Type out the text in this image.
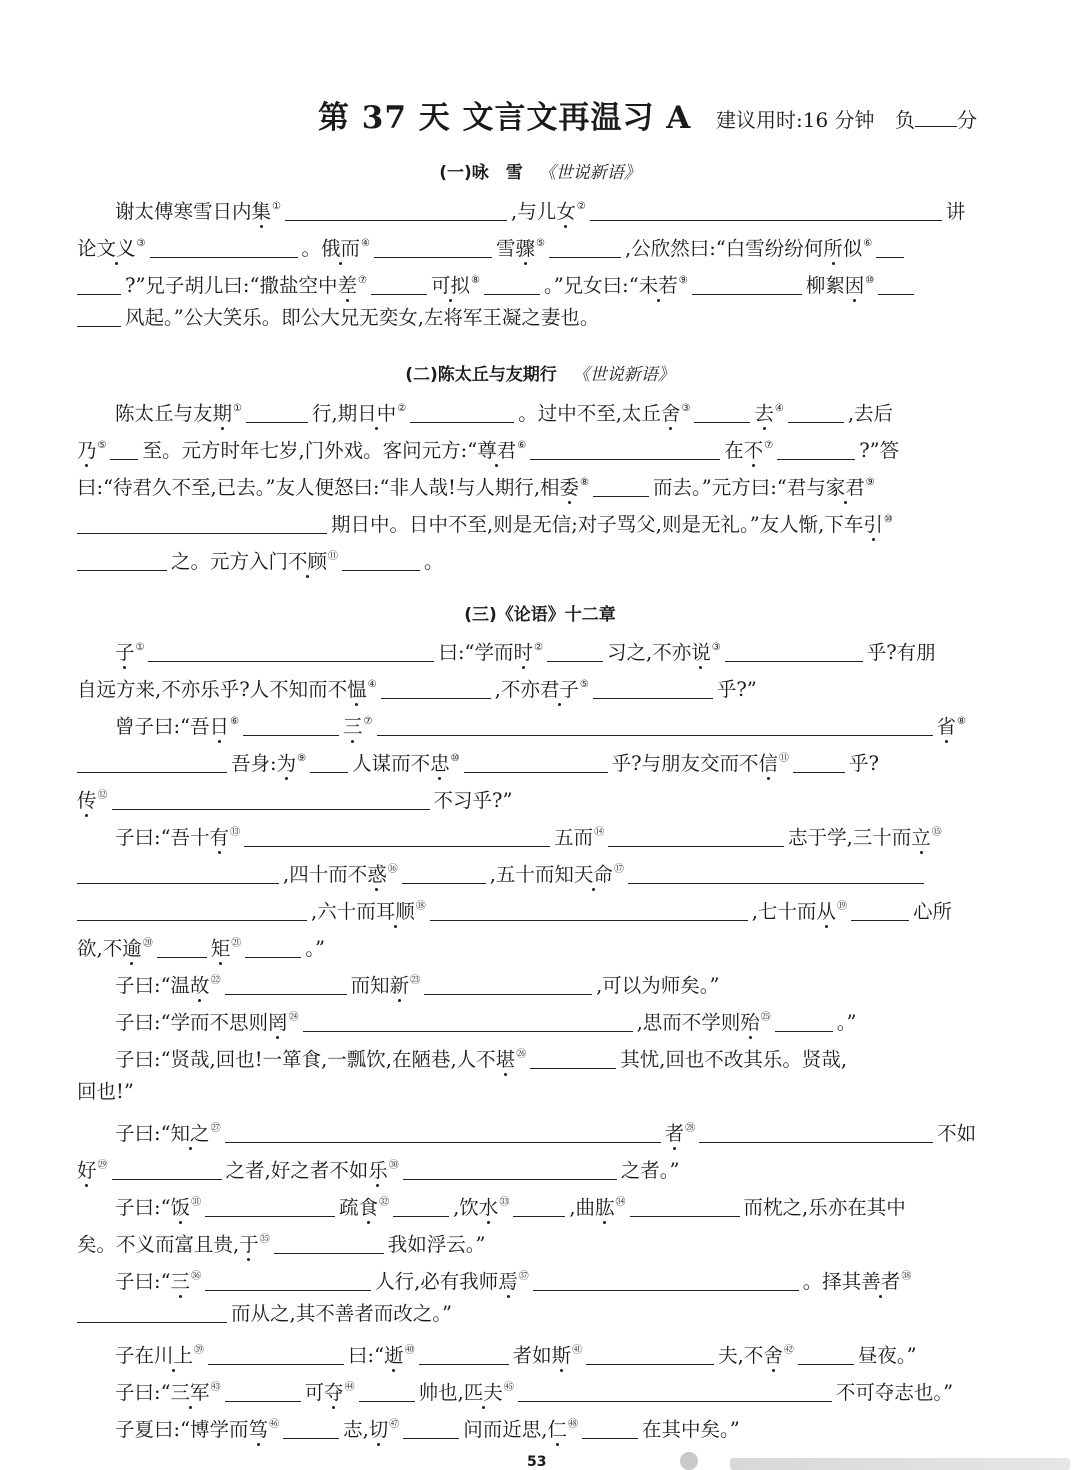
第 37 天 文言文再温习 A 建议用时:16 分钟 负 分
(一)咏　雪 《世说新语》
谢太傅寒雪日内集①	,与儿女②	讲
论文义③	。俄而④	雪骤⑤	,公欣然曰:“白雪纷纷何所似⑥
?”兄子胡儿曰:“撒盐空中差⑦	可拟⑧	。”兄女曰:“未若⑨	柳絮因⑩
风起。”公大笑乐。即公大兄无奕女,左将军王凝之妻也。
(二)陈太丘与友期行 《世说新语》
陈太丘与友期①	行,期日中②	。过中不至,太丘舍③	去④	,去后
乃⑤ 至。元方时年七岁,门外戏。客问元方:“尊君⑥	在不⑦	?”答
曰:“待君久不至,已去。”友人便怒曰:“非人哉!与人期行,相委⑧	而去。”元方曰:“君与家君⑨
期日中。日中不至,则是无信;对子骂父,则是无礼。”友人惭,下车引⑩
之。元方入门不顾⑪	。
(三)《论语》十二章
子①	曰:“学而时②	习之,不亦说③	乎?有朋
自远方来,不亦乐乎?人不知而不愠④	,不亦君子⑤	乎?”
曾子曰:“吾日⑥	三⑦	省⑧
吾身:为⑨ 人谋而不忠⑩	乎?与朋友交而不信⑪	乎?
传⑫	不习乎?”
子曰:“吾十有⑬	五而⑭	志于学,三十而立⑮
,四十而不惑⑯	,五十而知天命⑰
,六十而耳顺⑱	,七十而从⑲	心所
欲,不逾⑳	矩$^㉑$	。”
子曰:“温故$^㉒$	而知新$^㉓$	,可以为师矣。”
子曰:“学而不思则罔$^㉔$	,思而不学则殆$^㉕$	。”
子曰:“贤哉,回也!一箪食,一瓢饮,在陋巷,人不堪$^㉖$	其忧,回也不改其乐。贤哉,
回也!”
子曰:“知之$^㉗$	者$^㉘$	不如
好$^㉙$	之者,好之者不如乐$^㉚$	之者。”
子曰:“饭$^㉛$	疏食$^㉜$	,饮水$^㉝$	,曲肱$^㉞$	而枕之,乐亦在其中
矣。不义而富且贵,于$^㉟$	我如浮云。”
子曰:“三$^㊱$	人行,必有我师焉$^㊲$	。择其善者$^㊳$
而从之,其不善者而改之。”
子在川上$^㊴$	曰:“逝$^㊵$	者如斯$^㊶$	夫,不舍$^㊷$	昼夜。”
子曰:“三军$^㊸$	可夺$^㊹$	帅也,匹夫$^㊺$	不可夺志也。”
子夏曰:“博学而笃$^㊻$	志,切$^㊼$	问而近思,仁$^㊽$	在其中矣。”
53
